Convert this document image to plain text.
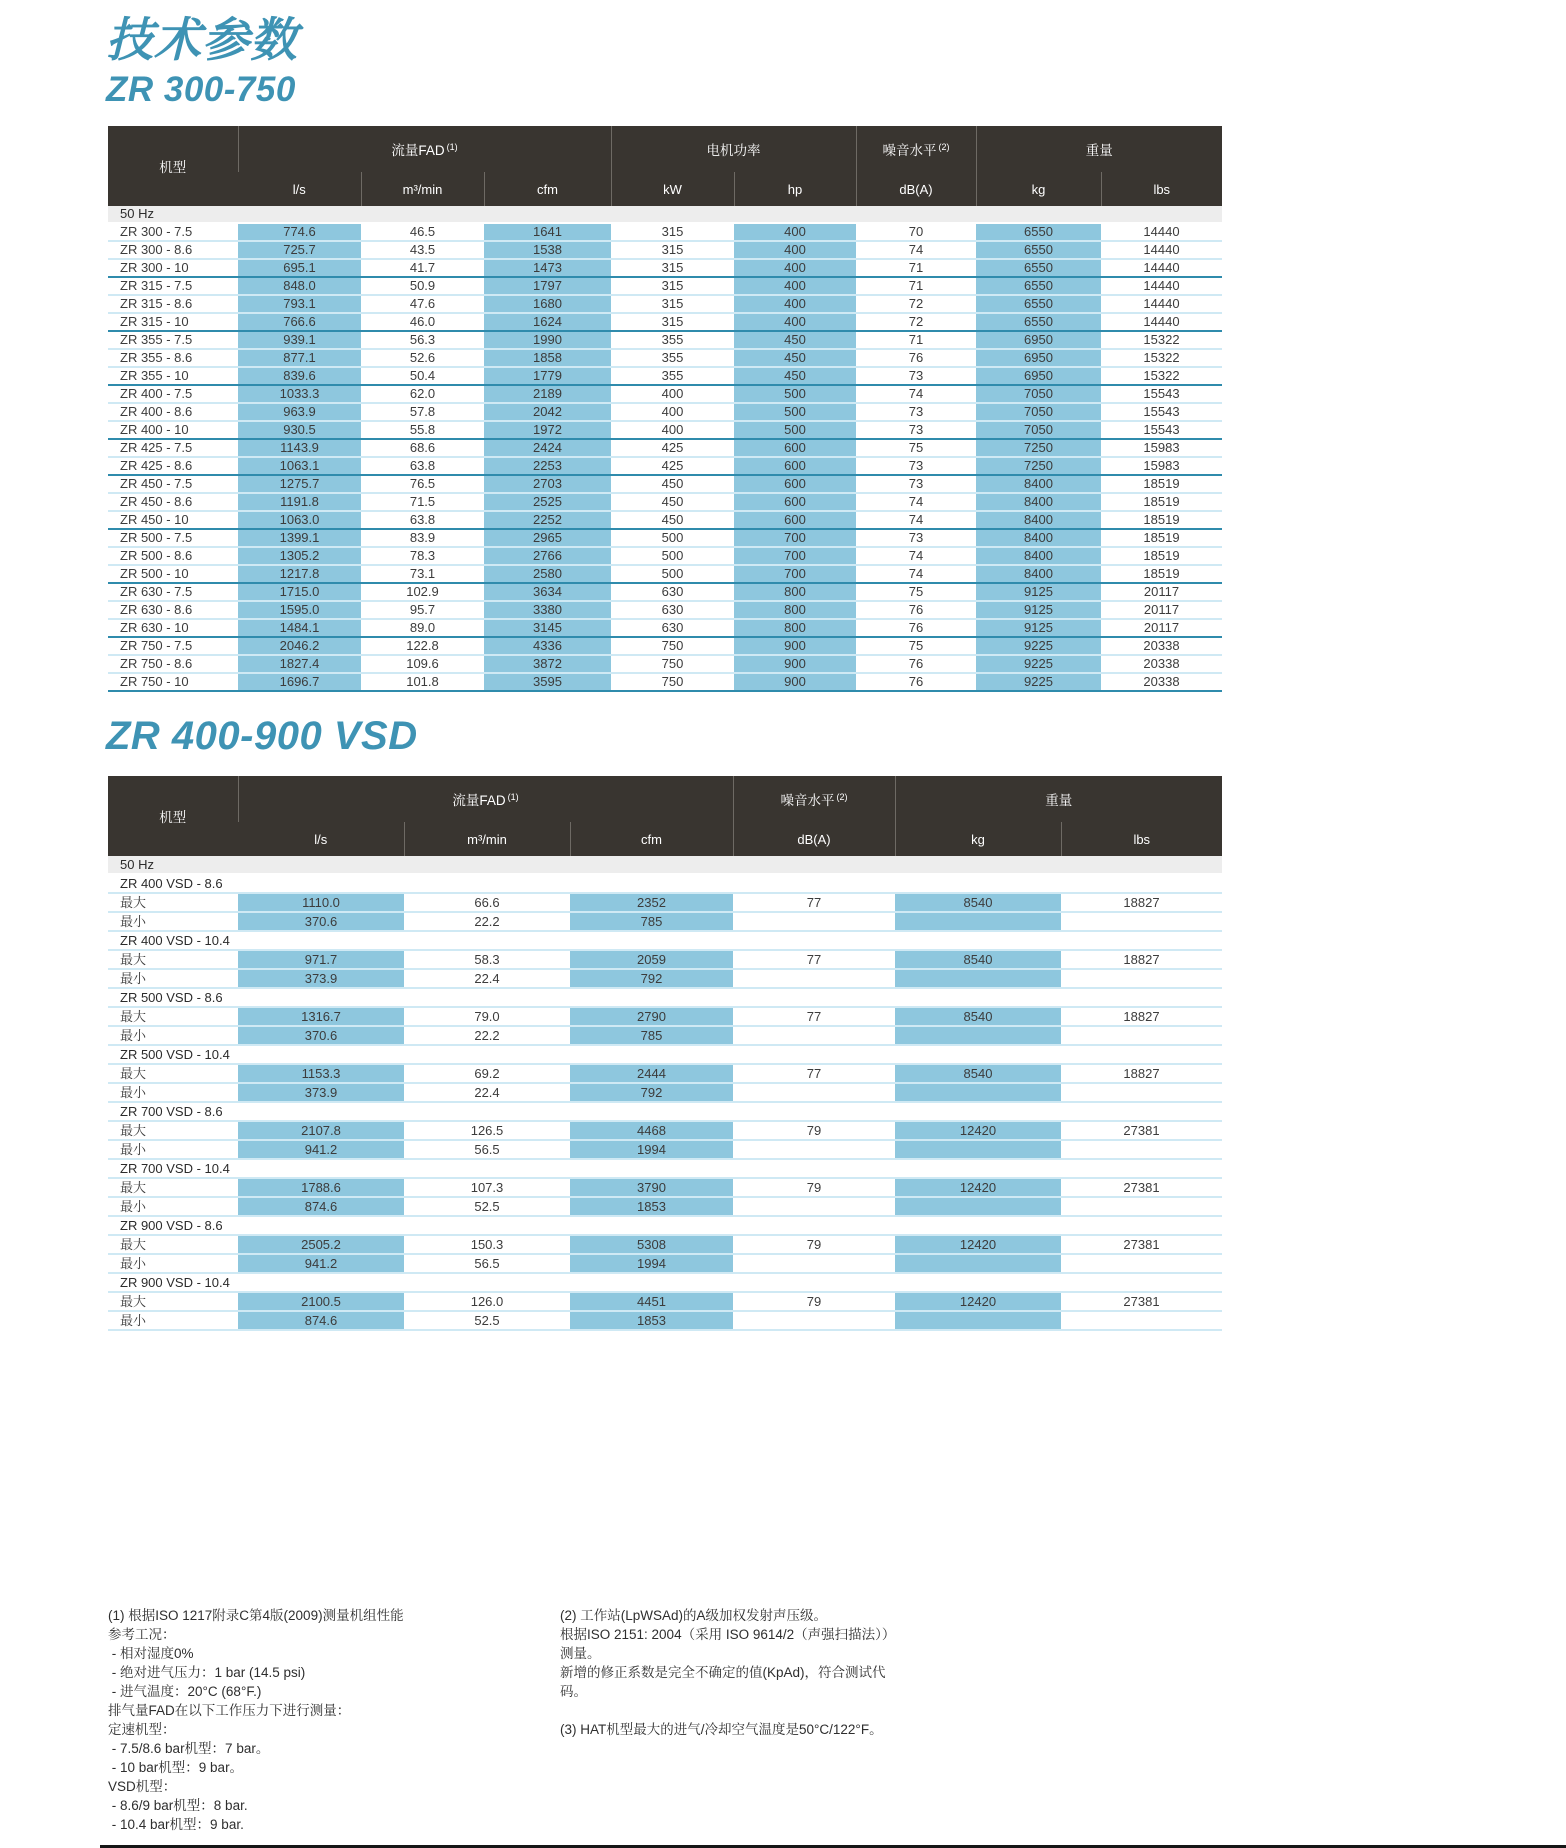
技术参数
ZR 300-750
机型	流量FAD $^{(1)}$			电机功率		噪音水平 $^{(2)}$	重量	
	l/s	m³/min	cfm	kW	hp	dB(A)	kg	lbs
50 Hz								
ZR 300 - 7.5	774.6	46.5	1641	315	400	70	6550	14440
ZR 300 - 8.6	725.7	43.5	1538	315	400	74	6550	14440
ZR 300 - 10	695.1	41.7	1473	315	400	71	6550	14440
ZR 315 - 7.5	848.0	50.9	1797	315	400	71	6550	14440
ZR 315 - 8.6	793.1	47.6	1680	315	400	72	6550	14440
ZR 315 - 10	766.6	46.0	1624	315	400	72	6550	14440
ZR 355 - 7.5	939.1	56.3	1990	355	450	71	6950	15322
ZR 355 - 8.6	877.1	52.6	1858	355	450	76	6950	15322
ZR 355 - 10	839.6	50.4	1779	355	450	73	6950	15322
ZR 400 - 7.5	1033.3	62.0	2189	400	500	74	7050	15543
ZR 400 - 8.6	963.9	57.8	2042	400	500	73	7050	15543
ZR 400 - 10	930.5	55.8	1972	400	500	73	7050	15543
ZR 425 - 7.5	1143.9	68.6	2424	425	600	75	7250	15983
ZR 425 - 8.6	1063.1	63.8	2253	425	600	73	7250	15983
ZR 450 - 7.5	1275.7	76.5	2703	450	600	73	8400	18519
ZR 450 - 8.6	1191.8	71.5	2525	450	600	74	8400	18519
ZR 450 - 10	1063.0	63.8	2252	450	600	74	8400	18519
ZR 500 - 7.5	1399.1	83.9	2965	500	700	73	8400	18519
ZR 500 - 8.6	1305.2	78.3	2766	500	700	74	8400	18519
ZR 500 - 10	1217.8	73.1	2580	500	700	74	8400	18519
ZR 630 - 7.5	1715.0	102.9	3634	630	800	75	9125	20117
ZR 630 - 8.6	1595.0	95.7	3380	630	800	76	9125	20117
ZR 630 - 10	1484.1	89.0	3145	630	800	76	9125	20117
ZR 750 - 7.5	2046.2	122.8	4336	750	900	75	9225	20338
ZR 750 - 8.6	1827.4	109.6	3872	750	900	76	9225	20338
ZR 750 - 10	1696.7	101.8	3595	750	900	76	9225	20338
ZR 400-900 VSD
机型	流量FAD $^{(1)}$			噪音水平 $^{(2)}$	重量	
	l/s	m³/min	cfm	dB(A)	kg	lbs
50 Hz						
ZR 400 VSD - 8.6						
最大	1110.0	66.6	2352	77	8540	18827
最小	370.6	22.2	785			
ZR 400 VSD - 10.4						
最大	971.7	58.3	2059	77	8540	18827
最小	373.9	22.4	792			
ZR 500 VSD - 8.6						
最大	1316.7	79.0	2790	77	8540	18827
最小	370.6	22.2	785			
ZR 500 VSD - 10.4						
最大	1153.3	69.2	2444	77	8540	18827
最小	373.9	22.4	792			
ZR 700 VSD - 8.6						
最大	2107.8	126.5	4468	79	12420	27381
最小	941.2	56.5	1994			
ZR 700 VSD - 10.4						
最大	1788.6	107.3	3790	79	12420	27381
最小	874.6	52.5	1853			
ZR 900 VSD - 8.6						
最大	2505.2	150.3	5308	79	12420	27381
最小	941.2	56.5	1994			
ZR 900 VSD - 10.4						
最大	2100.5	126.0	4451	79	12420	27381
最小	874.6	52.5	1853			
(1) 根据ISO 1217附录C第4版(2009)测量机组性能
参考工况：
- 相对湿度0%
- 绝对进气压力：1 bar (14.5 psi)
- 进气温度：20°C (68°F.)
排气量FAD在以下工作压力下进行测量：
定速机型：
- 7.5/8.6 bar机型：7 bar。
- 10 bar机型：9 bar。
VSD机型：
- 8.6/9 bar机型：8 bar.
- 10.4 bar机型：9 bar.
(2) 工作站(LpWSAd)的A级加权发射声压级。
根据ISO 2151: 2004（采用 ISO 9614/2（声强扫描法））
测量。
新增的修正系数是完全不确定的值(KpAd)，符合测试代
码。

(3) HAT机型最大的进气/冷却空气温度是50°C/122°F。
